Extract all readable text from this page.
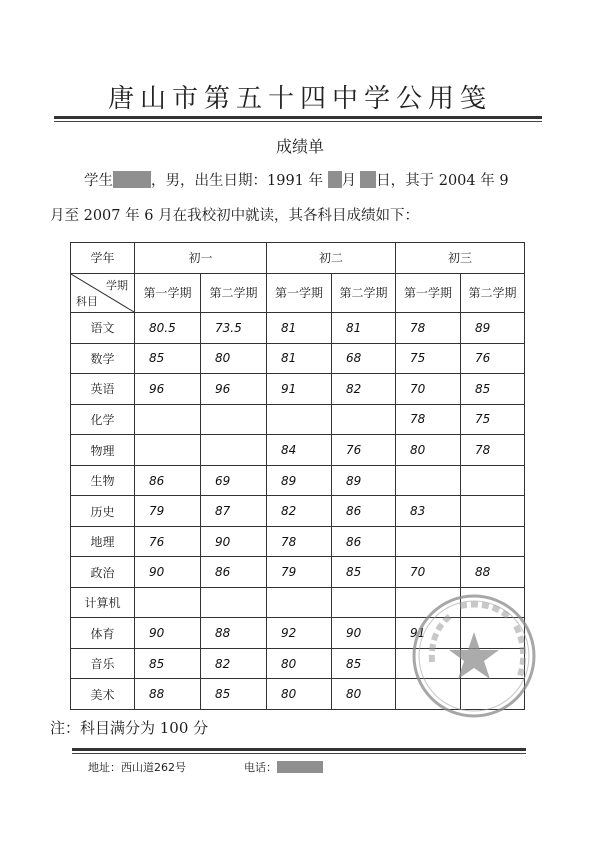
唐山市第五十四中学公用笺
成绩单
学生	，男，出生日期：1991 年 月 日，其于 2004 年 9
月至 2007 年 6 月在我校初中就读，其各科目成绩如下：
学年	初一		初二		初三	

学期
科目	第一学期	第二学期	第一学期	第二学期	第一学期	第二学期
语文	80.5	73.5	81	81	78	89
数学	85	80	81	68	75	76
英语	96	96	91	82	70	85
化学					78	75
物理			84	76	80	78
生物	86	69	89	89		
历史	79	87	82	86	83	
地理	76	90	78	86		
政治	90	86	79	85	70	88
计算机						
体育	90	88	92	90	91	
音乐	85	82	80	85		
美术	88	85	80	80		
注：科目满分为 100 分
地址：西山道262号	电话：
